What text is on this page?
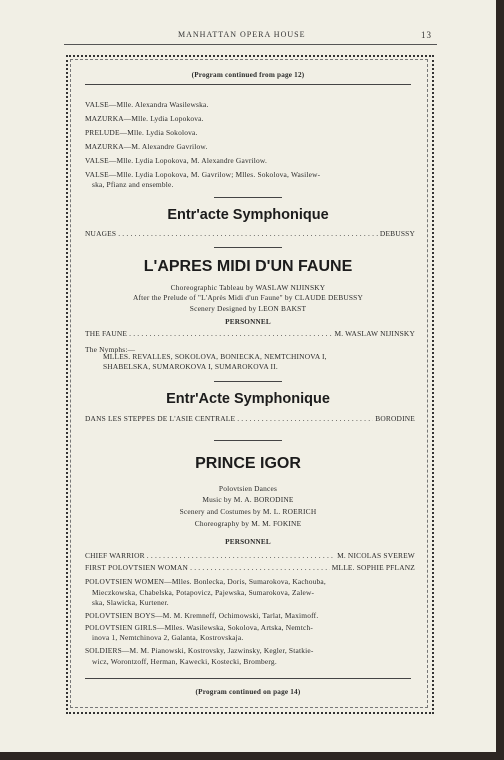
MANHATTAN OPERA HOUSE	13
(Program continued from page 12)
VALSE—Mlle. Alexandra Wasilewska.
MAZURKA—Mlle. Lydia Lopokova.
PRELUDE—Mlle. Lydia Sokolova.
MAZURKA—M. Alexandre Gavrilow.
VALSE—Mlle. Lydia Lopokova, M. Alexandre Gavrilow.
VALSE—Mlle. Lydia Lopokova, M. Gavrilow; Mlles. Sokolova, Wasilew-
ska, Pfianz and ensemble.
Entr'acte Symphonique
NUAGES . . .	DEBUSSY
L'APRES MIDI D'UN FAUNE
Choreographic Tableau by WASLAW NIJINSKY
After the Prelude of "L'Après Midi d'un Faune" by CLAUDE DEBUSSY
Scenery Designed by LEON BAKST
PERSONNEL
THE FAUNE . . .	M. WASLAW NIJINSKY
The Nymphs:—
MLLES. REVALLES, SOKOLOVA, BONIECKA, NEMTCHINOVA I,
SHABELSKA, SUMAROKOVA I, SUMAROKOVA II.
Entr'Acte Symphonique
DANS LES STEPPES DE L'ASIE CENTRALE . . .	BORODINE
PRINCE IGOR
Polovtsien Dances
Music by M. A. BORODINE
Scenery and Costumes by M. L. ROERICH
Choreography by M. M. FOKINE
PERSONNEL
CHIEF WARRIOR . . .	M. NICOLAS SVEREW
FIRST POLOVTSIEN WOMAN . . .	MLLE. SOPHIE PFLANZ
POLOVTSIEN WOMEN—Mlles. Bonlecka, Doris, Sumarokova, Kachouba,
Mieczkowska, Chabelska, Potapovicz, Pajewska, Sumarokova, Zalew-
ska, Slawicka, Kurtener.
POLOVTSIEN BOYS—M. M. Kremneff, Ochimowski, Tarlat, Maximoff.
POLOVTSIEN GIRLS—Mlles. Wasilewska, Sokolova, Artska, Nemtch-
inova 1, Nemtchinova 2, Galanta, Kostrovskaja.
SOLDIERS—M. M. Pianowski, Kostrovsky, Jazwinsky, Kegler, Statkie-
wicz, Worontzoff, Herman, Kawecki, Kostecki, Bromberg.
(Program continued on page 14)
